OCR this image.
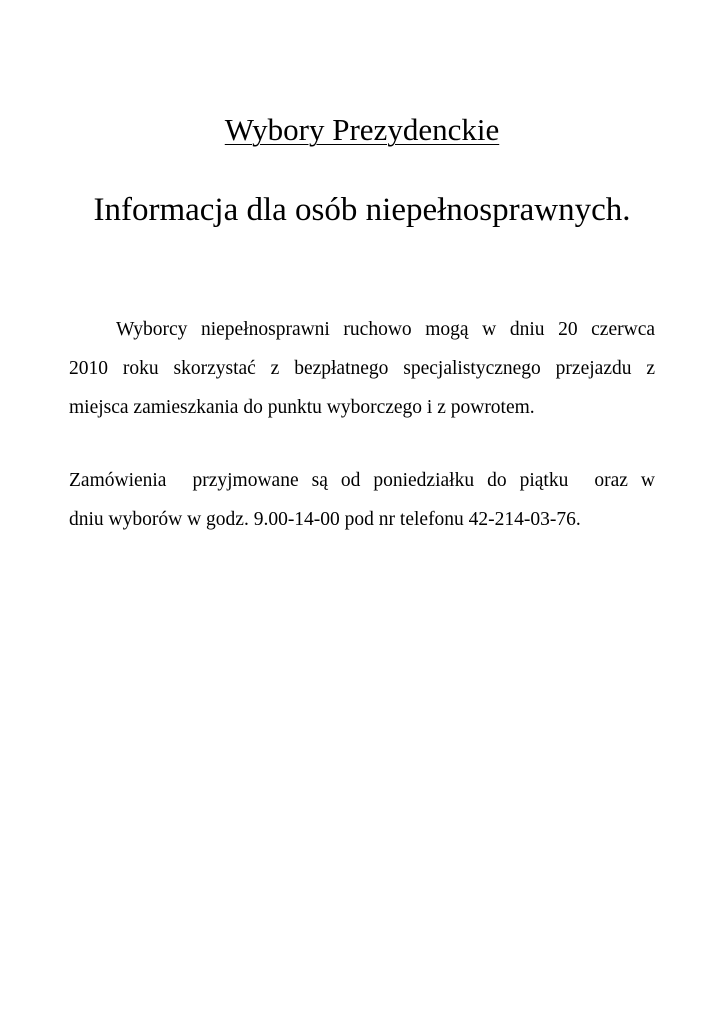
Wybory Prezydenckie
Informacja dla osób niepełnosprawnych.
Wyborcy niepełnosprawni ruchowo mogą w dniu 20 czerwca
2010 roku skorzystać z bezpłatnego specjalistycznego przejazdu z
miejsca zamieszkania do punktu wyborczego i z powrotem.
Zamówienia  przyjmowane są od poniedziałku do piątku  oraz w
dniu wyborów w godz. 9.00-14-00 pod nr telefonu 42-214-03-76.
